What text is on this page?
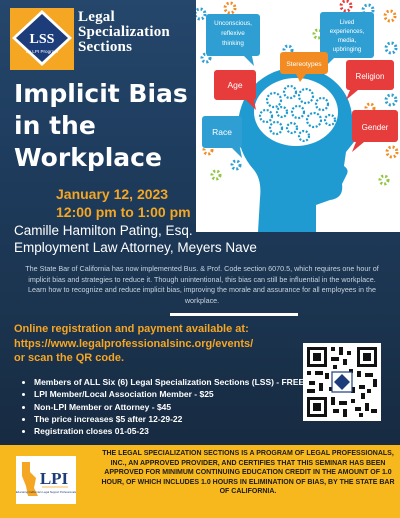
Unconscious,
reflexive
thinking
Lived
experiences,
media,
upbringing
Stereotypes
Age
Religion
Race	Gender
LSS
an LPI Program
Legal
Specialization
Sections
Implicit Bias
in the
Workplace
January 12, 2023
12:00 pm to 1:00 pm
Camille Hamilton Pating, Esq.
Employment Law Attorney, Meyers Nave
The State Bar of California has now implemented Bus. & Prof. Code section 6070.5, which requires one hour of implicit bias and strategies to reduce it. Though unintentional, this bias can still be influential in the workplace. Learn how to recognize and reduce implicit bias, improving the morale and assurance for all employees in the workplace.
Online registration and payment available at:
https://www.legalprofessionalsinc.org/events/
or scan the QR code.
• Members of ALL Six (6) Legal Specialization Sections (LSS) - FREE!
• LPI Member/Local Association Member - $25
• Non-LPI Member or Attorney - $45
• The price increases $5 after 12-29-22
• Registration closes 01-05-23
LPI
Educating California's Legal Support Professionals
THE LEGAL SPECIALIZATION SECTIONS IS A PROGRAM OF LEGAL PROFESSIONALS, INC., AN APPROVED PROVIDER, AND CERTIFIES THAT THIS SEMINAR HAS BEEN APPROVED FOR MINIMUM CONTINUING EDUCATION CREDIT IN THE AMOUNT OF 1.0 HOUR, OF WHICH INCLUDES 1.0 HOURS IN ELIMINATION OF BIAS, BY THE STATE BAR OF CALIFORNIA.
